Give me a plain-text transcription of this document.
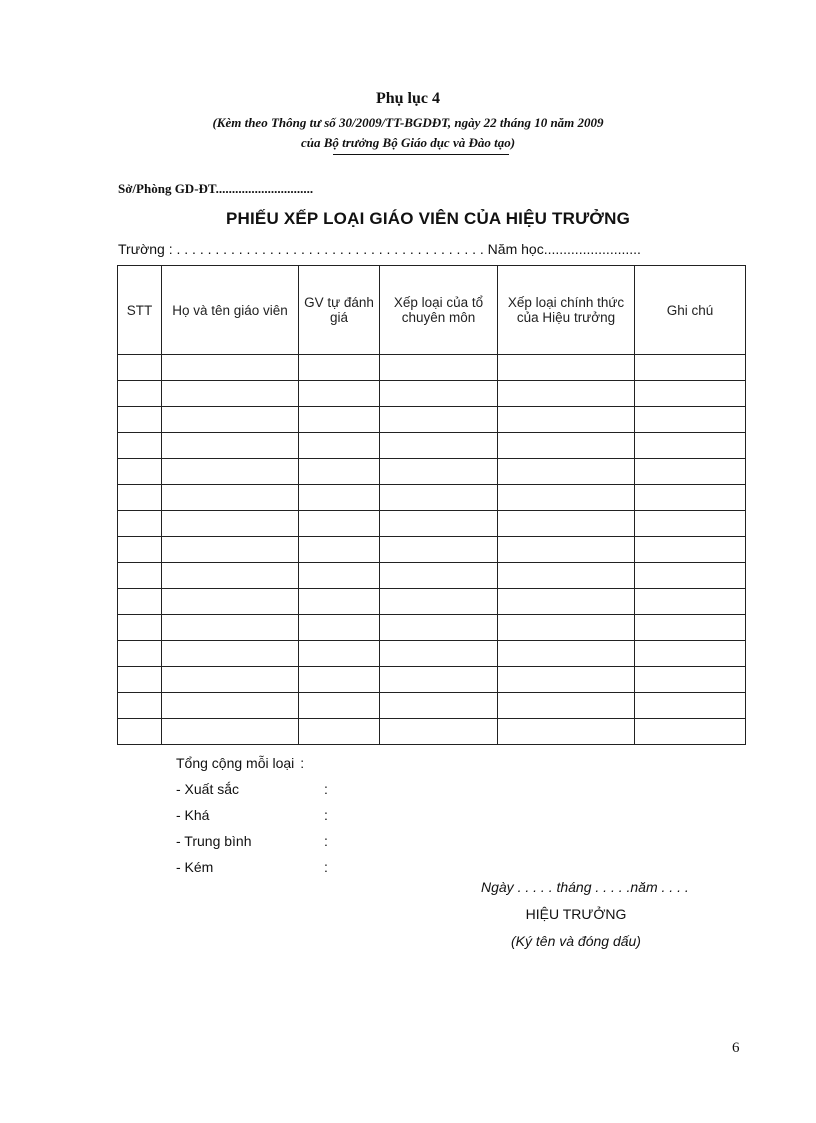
Phụ lục 4
(Kèm theo Thông tư số 30/2009/TT-BGDĐT, ngày 22 tháng 10 năm 2009
của Bộ trưởng Bộ Giáo dục và Đào tạo)
Sở/Phòng GD-ĐT..............................
PHIẾU XẾP LOẠI GIÁO VIÊN CỦA HIỆU TRƯỞNG
Trường : . . . . . . . . . . . . . . . . . . . . . . . . . . . . . . . . . . . . . . . . Năm học.........................
STT	Họ và tên giáo viên	GV tự đánh giá	Xếp loại của tổ chuyên môn	Xếp loại chính thức của Hiệu trưởng	Ghi chú

Tổng cộng mỗi loại :
- Xuất sắc	:
- Khá	:
- Trung bình	:
- Kém	:
Ngày . . . . . tháng . . . . .năm . . . .
HIỆU TRƯỞNG
(Ký tên và đóng dấu)
6
